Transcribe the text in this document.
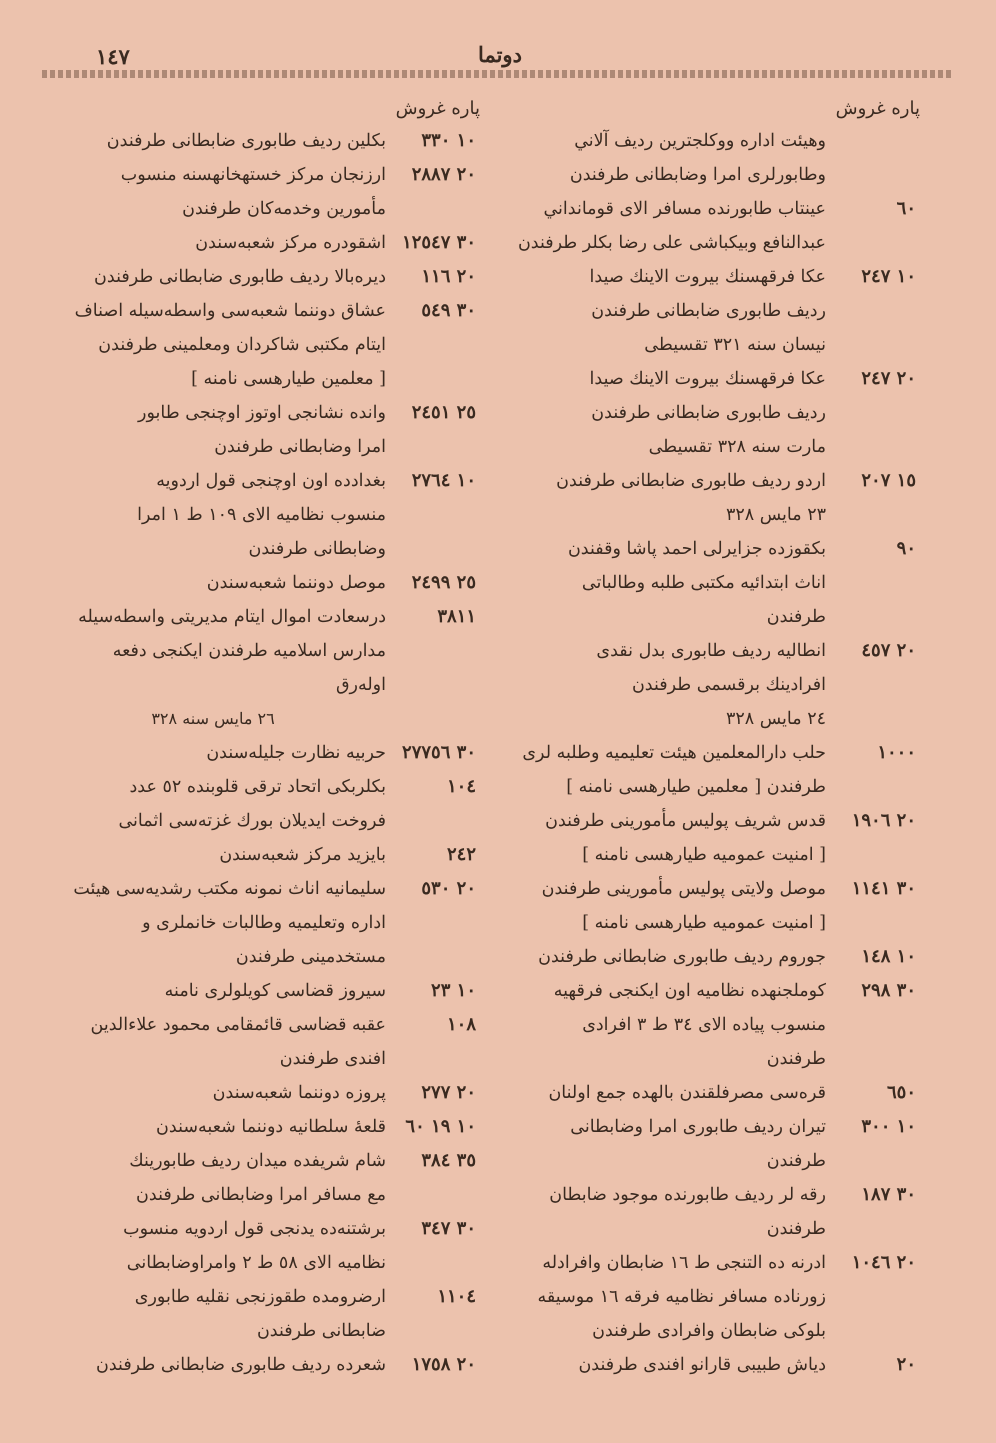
١٤٧	دوتما
پاره غروش
وهيئت اداره ووكلجترين رديف آلاني
وطابورلری امرا وضابطانی طرفندن
٦٠
عينتاب طابورنده مسافر الای قومانداني
عبدالنافع وبيكباشی علی رضا بكلر طرفندن
١٠ ٢٤٧
عكا فرقهسنك بيروت الاينك صيدا
رديف طابوری ضابطانی طرفندن
نيسان سنه ٣٢١ تقسيطی
٢٠ ٢٤٧
عكا فرقهسنك بيروت الاينك صيدا
رديف طابوری ضابطانی طرفندن
مارت سنه ٣٢٨ تقسيطی
١٥ ٢٠٧
اردو رديف طابوری ضابطانی طرفندن
٢٣ مايس ٣٢٨
٩٠
بكقوزده جزايرلی احمد پاشا وقفندن
اناث ابتدائيه مكتبی طلبه وطالباتی
طرفندن
٢٠ ٤٥٧
انطاليه رديف طابوری بدل نقدی
افرادينك برقسمی طرفندن
٢٤ مايس ٣٢٨
١٠٠٠
حلب دارالمعلمين هيئت تعليميه وطلبه لری
طرفندن [ معلمين طيارهسی نامنه ]
٢٠ ١٩٠٦
قدس شريف پوليس مأمورينی طرفندن
[ امنيت عموميه طيارهسی نامنه ]
٣٠ ١١٤١
موصل ولايتی پوليس مأمورينی طرفندن
[ امنيت عموميه طيارهسی نامنه ]
١٠ ١٤٨
جوروم رديف طابوری ضابطانی طرفندن
٣٠ ٢٩٨
كوملجنهده نظاميه اون ايكنجی فرقهيه
منسوب پياده الای ٣٤ ط ٣ افرادی
طرفندن
٦٥٠
قره‌سی مصرفلقندن بالهده جمع اولنان
١٠ ٣٠٠
تيران رديف طابوری امرا وضابطانی
طرفندن
٣٠ ١٨٧
رقه لر رديف طابورنده موجود ضابطان
طرفندن
٢٠ ١٠٤٦
ادرنه ده التنجی ط ١٦ ضابطان وافرادله
زورناده مسافر نظاميه فرقه ١٦ موسيقه
بلوكی ضابطان وافرادی طرفندن
٢٠
دياش طبيبی قارانو افندی طرفندن
پاره غروش
١٠ ٣٣٠
بكلين رديف طابوری ضابطانی طرفندن
٢٠ ٢٨٨٧
ارزنجان مركز خستهخانهسنه منسوب
مأمورين وخدمه‌كان طرفندن
٣٠ ١٢٥٤٧
اشقودره مركز شعبه‌سندن
٢٠ ١١٦
ديره‌بالا رديف طابوری ضابطانی طرفندن
٣٠ ٥٤٩
عشاق دوننما شعبه‌سی واسطه‌سيله اصناف
ايتام مكتبی شاكردان ومعلمينی طرفندن
[ معلمين طيارهسی نامنه ]
٢٥ ٢٤٥١
وانده نشانجی اوتوز اوچنجی طابور
امرا وضابطانی طرفندن
١٠ ٢٧٦٤
بغدادده اون اوچنجی قول اردويه
منسوب نظاميه الای ١٠٩ ط ١ امرا
وضابطانی طرفندن
٢٥ ٢٤٩٩
موصل دوننما شعبه‌سندن
٣٨١١
درسعادت اموال ايتام مديريتی واسطه‌سيله
مدارس اسلاميه طرفندن ايكنجی دفعه
اوله‌رق
٢٦ مايس سنه ٣٢٨
٣٠ ٢٧٧٥٦
حربيه نظارت جليله‌سندن
١٠٤
بكلربكی اتحاد ترقی قلوبنده ٥٢ عدد
فروخت ايديلان بورك غزته‌سی اثمانی
٢٤٢
بايزيد مركز شعبه‌سندن
٢٠ ٥٣٠
سليمانيه اناث نمونه مكتب رشديه‌سی هيئت
اداره وتعليميه وطالبات خانملری و
مستخدمينی طرفندن
١٠ ٢٣
سيروز قضاسی كويلولری نامنه
١٠٨
عقبه قضاسی قائمقامی محمود علاءالدين
افندی طرفندن
٢٠ ٢٧٧
پروزه دوننما شعبه‌سندن
١٠ ١٩ ٦٠
قلعهٔ سلطانيه دوننما شعبه‌سندن
٣٥ ٣٨٤
شام شريفده ميدان رديف طابورينك
مع مسافر امرا وضابطانی طرفندن
٣٠ ٣٤٧
برشتنه‌ده يدنجی قول اردويه منسوب
نظاميه الای ٥٨ ط ٢ وامراوضابطانی
١١٠٤
ارضرومده طقوزنجی نقليه طابوری
ضابطانی طرفندن
٢٠ ١٧٥٨
شعرده رديف طابوری ضابطانی طرفندن
